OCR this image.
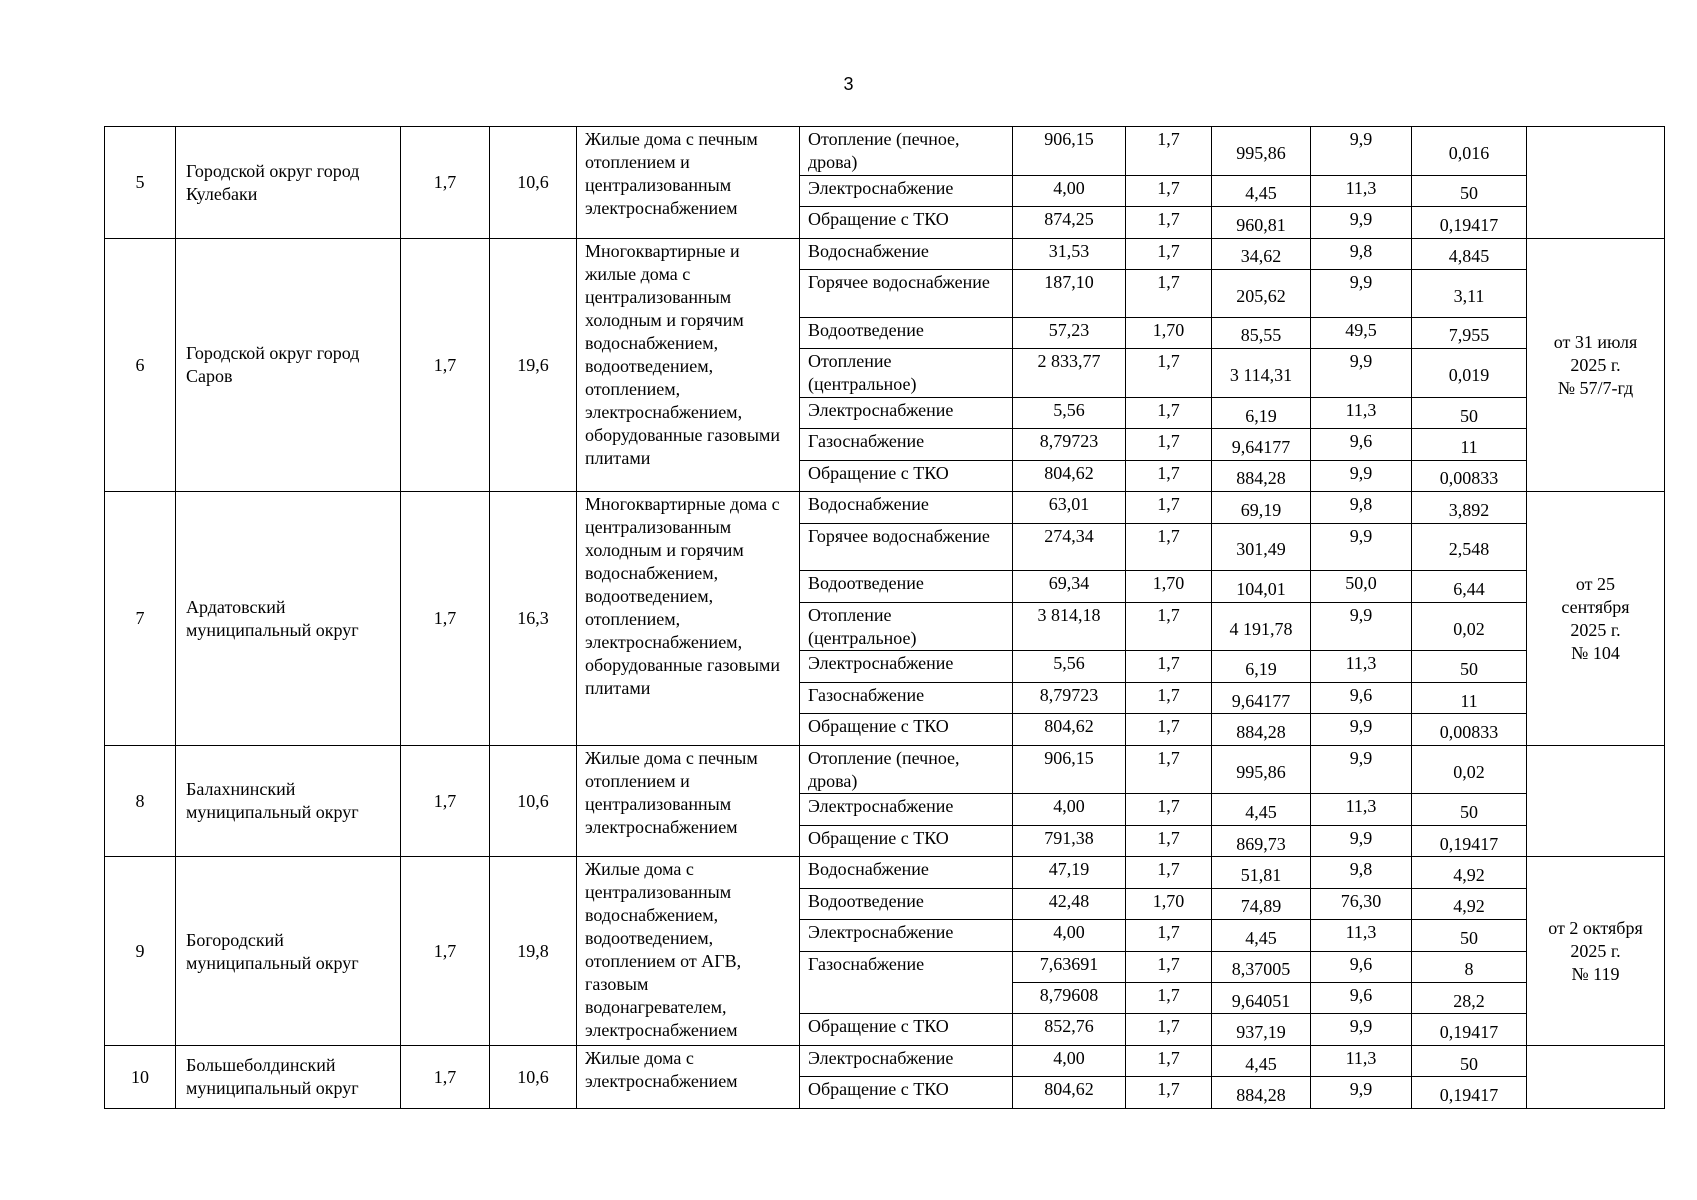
3
5	Городской округ город Кулебаки	1,7	10,6	Жилые дома с печным отоплением и централизованным электроснабжением	Отопление (печное, дрова)	906,15	1,7	995,86	9,9	0,016	
					Электроснабжение	4,00	1,7	4,45	11,3	50	
					Обращение с ТКО	874,25	1,7	960,81	9,9	0,19417	
6	Городской округ город Саров	1,7	19,6	Многоквартирные и жилые дома с централизованным холодным и горячим водоснабжением, водоотведением, отоплением, электроснабжением, оборудованные газовыми плитами	Водоснабжение	31,53	1,7	34,62	9,8	4,845	от 31 июля
2025 г.
№ 57/7-гд

					Горячее водоснабжение	187,10	1,7	205,62	9,9	3,11	
					Водоотведение	57,23	1,70	85,55	49,5	7,955	
					Отопление (центральное)	2 833,77	1,7	3 114,31	9,9	0,019	
					Электроснабжение	5,56	1,7	6,19	11,3	50	
					Газоснабжение	8,79723	1,7	9,64177	9,6	11	
					Обращение с ТКО	804,62	1,7	884,28	9,9	0,00833	
7	Ардатовский муниципальный округ	1,7	16,3	Многоквартирные дома с централизованным холодным и горячим водоснабжением, водоотведением, отоплением, электроснабжением, оборудованные газовыми плитами	Водоснабжение	63,01	1,7	69,19	9,8	3,892	от 25
сентября
2025 г.
№ 104

					Горячее водоснабжение	274,34	1,7	301,49	9,9	2,548	
					Водоотведение	69,34	1,70	104,01	50,0	6,44	
					Отопление (центральное)	3 814,18	1,7	4 191,78	9,9	0,02	
					Электроснабжение	5,56	1,7	6,19	11,3	50	
					Газоснабжение	8,79723	1,7	9,64177	9,6	11	
					Обращение с ТКО	804,62	1,7	884,28	9,9	0,00833	
8	Балахнинский муниципальный округ	1,7	10,6	Жилые дома с печным отоплением и централизованным электроснабжением	Отопление (печное, дрова)	906,15	1,7	995,86	9,9	0,02	
					Электроснабжение	4,00	1,7	4,45	11,3	50	
					Обращение с ТКО	791,38	1,7	869,73	9,9	0,19417	
9	Богородский муниципальный округ	1,7	19,8	Жилые дома с централизованным водоснабжением, водоотведением, отоплением от АГВ, газовым водонагревателем, электроснабжением	Водоснабжение	47,19	1,7	51,81	9,8	4,92	от 2 октября
2025 г.
№ 119

					Водоотведение	42,48	1,70	74,89	76,30	4,92	
					Электроснабжение	4,00	1,7	4,45	11,3	50	
					Газоснабжение	7,63691	1,7	8,37005	9,6	8	
						8,79608	1,7	9,64051	9,6	28,2	
					Обращение с ТКО	852,76	1,7	937,19	9,9	0,19417	
10	Большеболдинский муниципальный округ	1,7	10,6	Жилые дома с электроснабжением	Электроснабжение	4,00	1,7	4,45	11,3	50	
					Обращение с ТКО	804,62	1,7	884,28	9,9	0,19417	
